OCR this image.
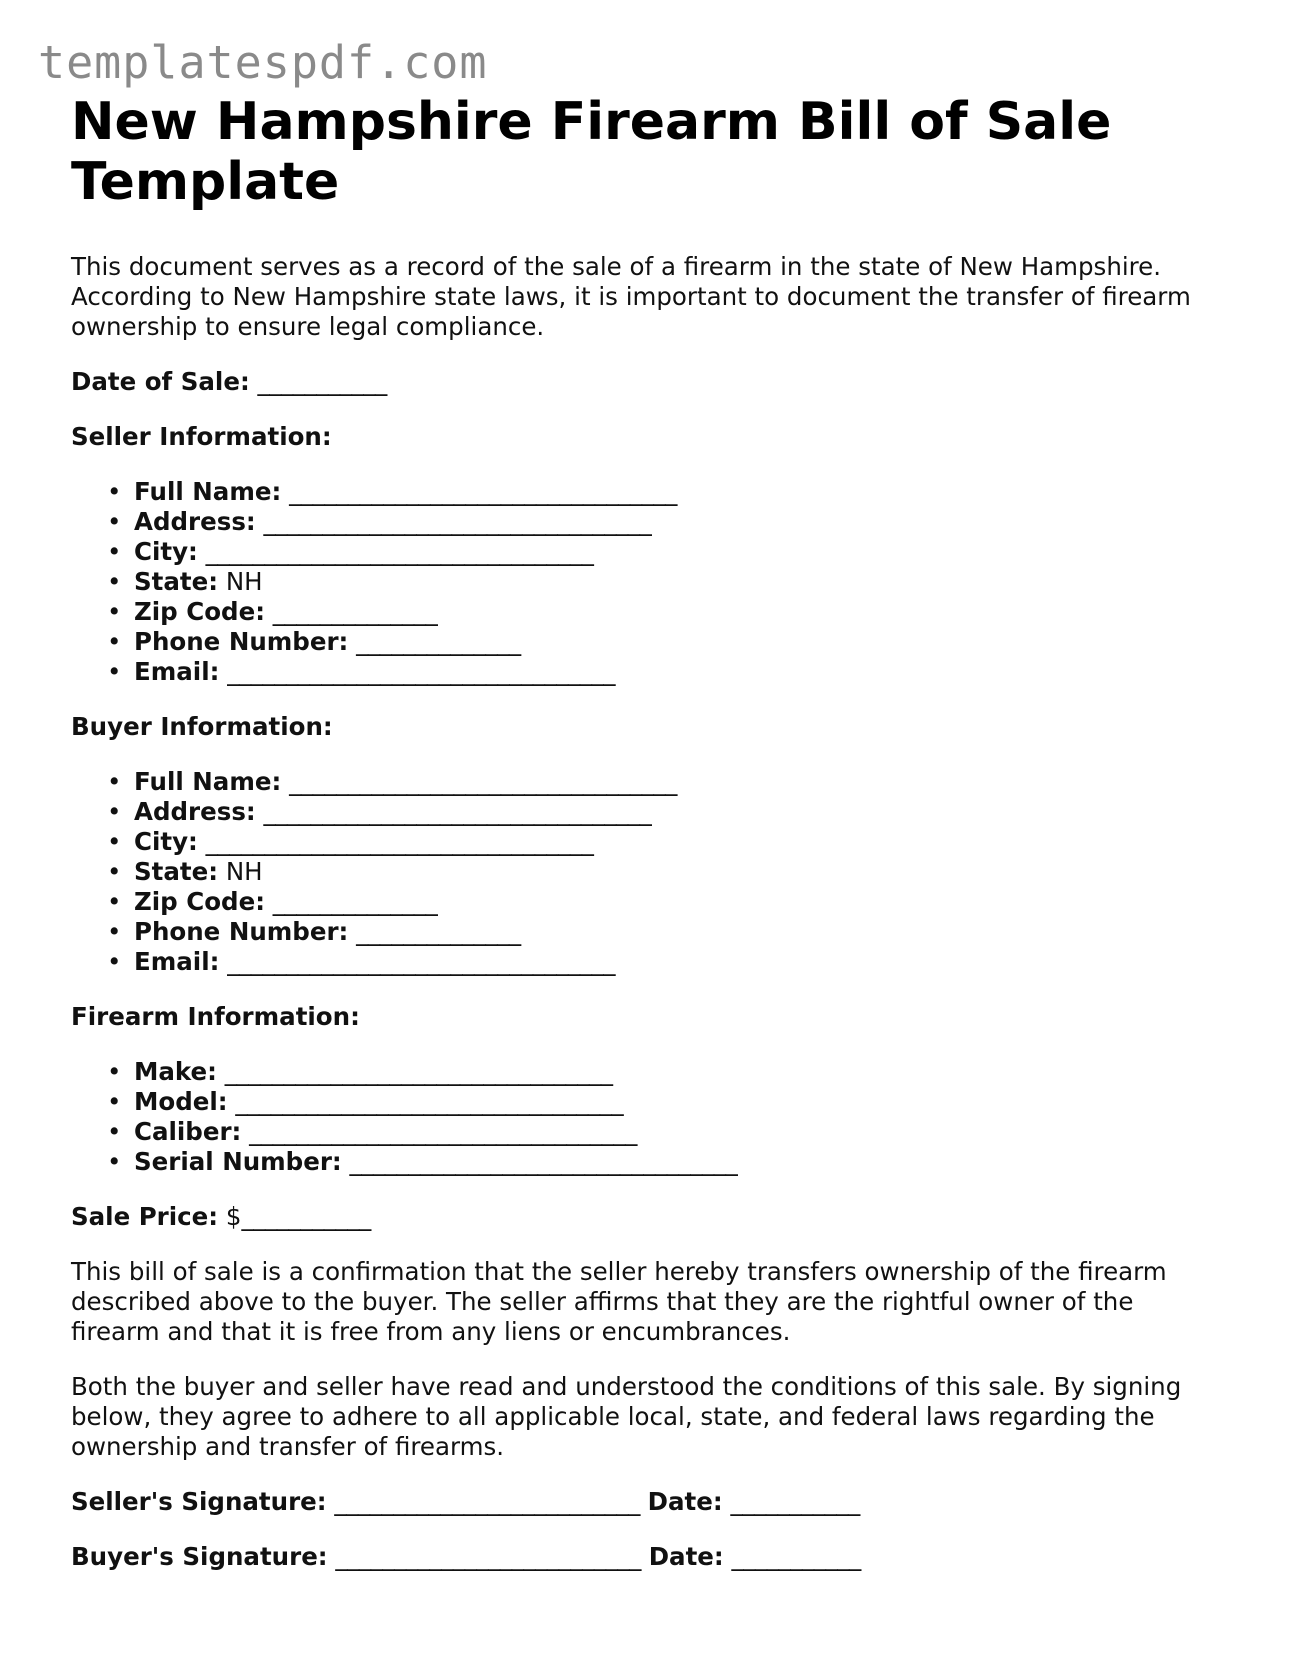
templatespdf.com
New Hampshire Firearm Bill of Sale Template

This document serves as a record of the sale of a firearm in the state of New Hampshire. According to New Hampshire state laws, it is important to document the transfer of firearm ownership to ensure legal compliance.

Date of Sale: ___________
Seller Information:
• Full Name: _________________________________
• Address: _________________________________
• City: _________________________________
• State: NH
• Zip Code: ______________
• Phone Number: ______________
• Email: _________________________________
Buyer Information:
• Full Name: _________________________________
• Address: _________________________________
• City: _________________________________
• State: NH
• Zip Code: ______________
• Phone Number: ______________
• Email: _________________________________
Firearm Information:
• Make: _________________________________
• Model: _________________________________
• Caliber: _________________________________
• Serial Number: _________________________________
Sale Price: $___________

This bill of sale is a confirmation that the seller hereby transfers ownership of the firearm described above to the buyer. The seller affirms that they are the rightful owner of the firearm and that it is free from any liens or encumbrances.

Both the buyer and seller have read and understood the conditions of this sale. By signing below, they agree to adhere to all applicable local, state, and federal laws regarding the ownership and transfer of firearms.

Seller's Signature: __________________________ Date: ___________
Buyer's Signature: __________________________ Date: ___________
